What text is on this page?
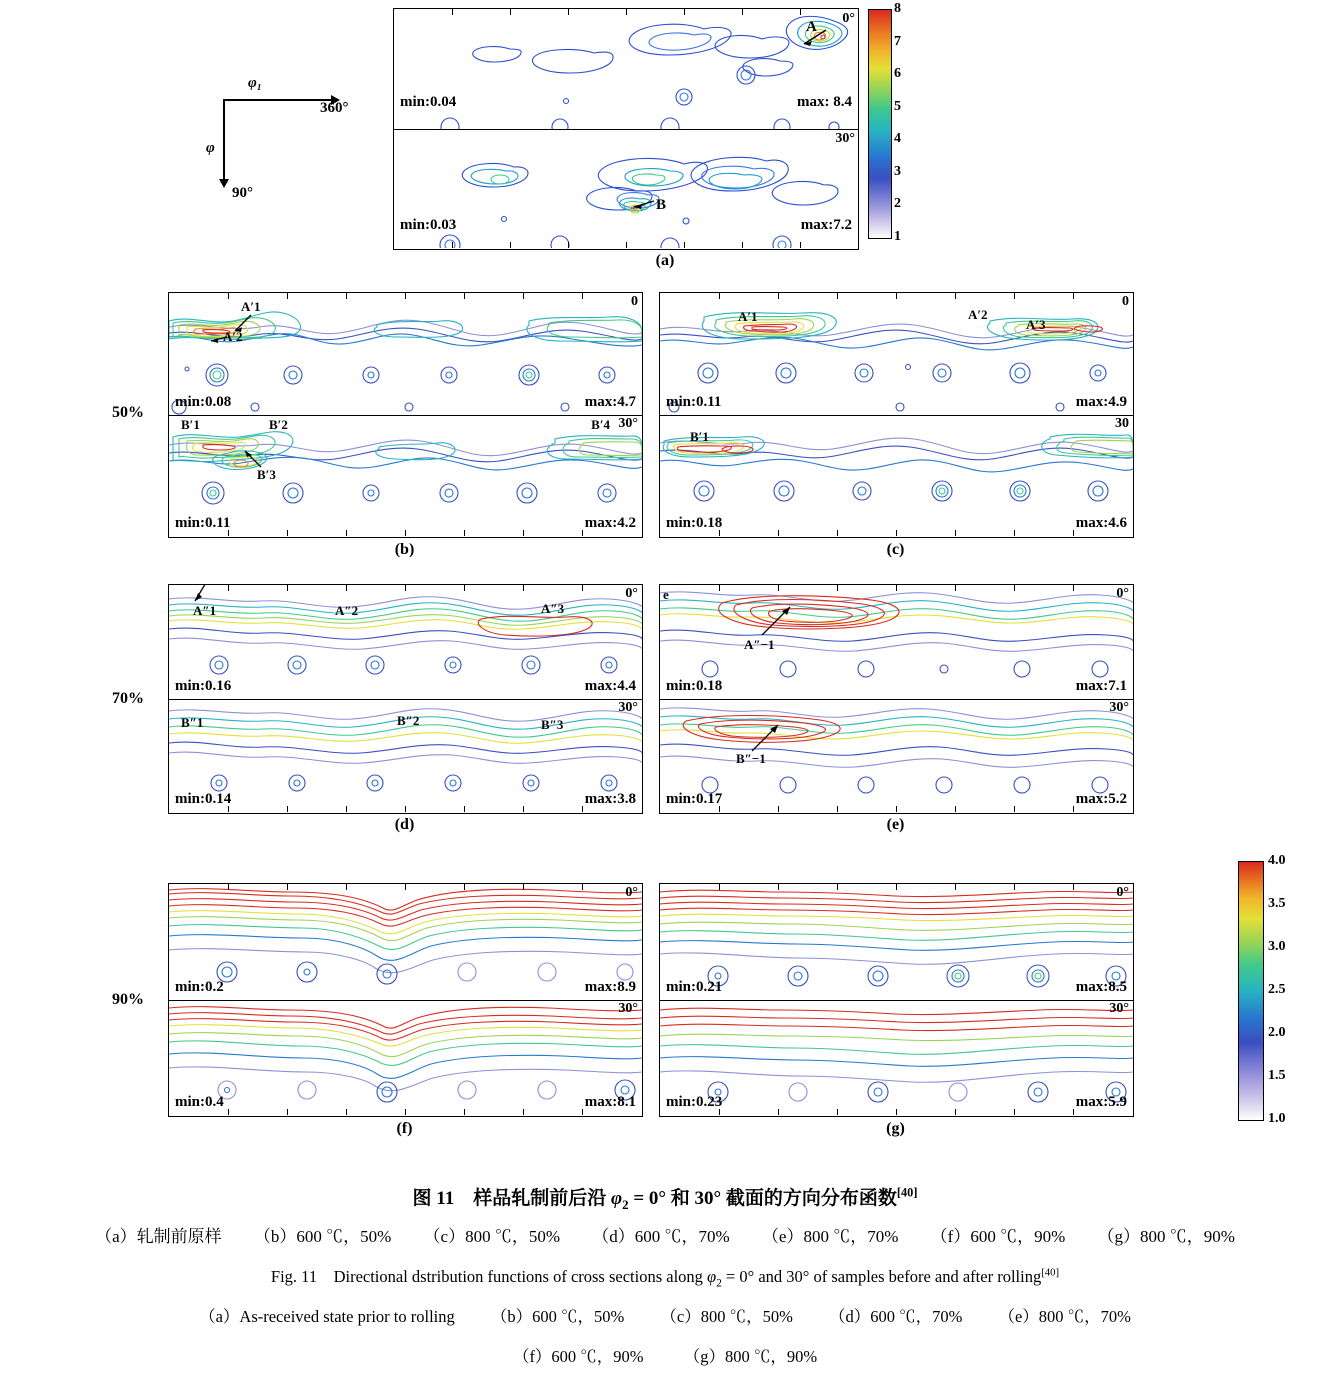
φ₁
360°
φ
90°
A
0°
min:0.04	max: 8.4
30°
B
min:0.03	max:7.2
8
7
6
5
4
3
2
1
(a)
0
A′1
A′2
min:0.08	max:4.7
30°
B′1	B′2
B′3
B′4
min:0.11	max:4.2
50%
(b)
0
A′1	A′2
A′3
min:0.11	max:4.9
30
B′1
min:0.18	max:4.6
(c)
0°
A″1	A″2	A″3
min:0.16	max:4.4
30°
B″1	B″2	B″3
min:0.14	max:3.8
70%
(d)
0°
e
A″−1
min:0.18	max:7.1
30°
B″−1
min:0.17	max:5.2
(e)
0°
min:0.2	max:8.9
30°
min:0.4	max:8.1
90%
(f)
0°
min:0.21	max:8.5
30°
min:0.23	max:5.9
(g)
4.0
3.5
3.0
2.5
2.0
1.5
1.0
图 11　样品轧制前后沿 $\varphi_2 = 0^\circ$ 和 30° 截面的方向分布函数[40]
（a）轧制前原样 （b）600 ℃，50% （c）800 ℃，50% （d）600 ℃，70% （e）800 ℃，70% （f）600 ℃，90% （g）800 ℃，90%
Fig. 11　Directional dstribution functions of cross sections along $\varphi_2 = 0^\circ$ and 30° of samples before and after rolling[40]
（a）As-received state prior to rolling （b）600 ℃，50% （c）800 ℃，50% （d）600 ℃，70% （e）800 ℃，70%
（f）600 ℃，90% （g）800 ℃，90%
